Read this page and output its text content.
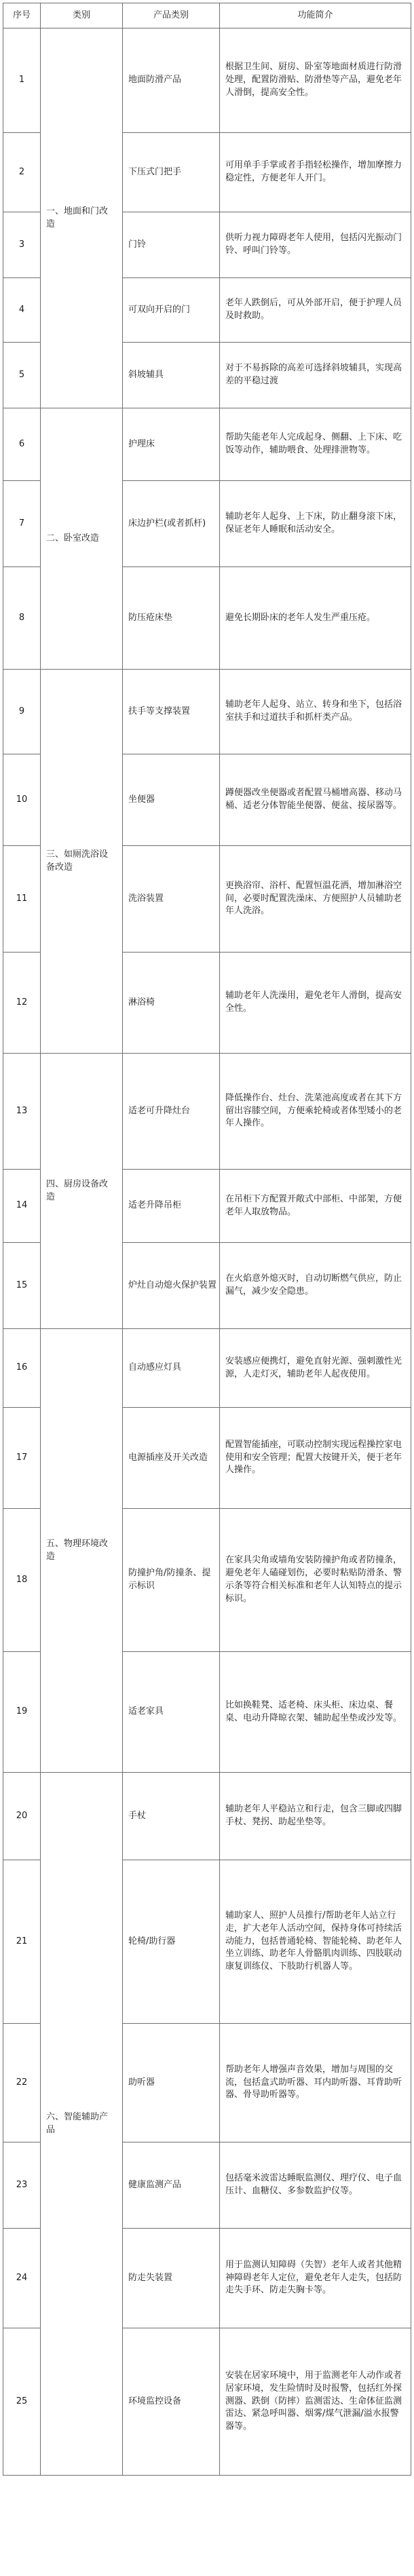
序号	类别	产品类别	功能简介
1	一、地面和门改造	地面防滑产品	根据卫生间、厨房、卧室等地面材质进行防滑处理，配置防滑贴、防滑垫等产品，避免老年人滑倒，提高安全性。
2		下压式门把手	可用单手手掌或者手指轻松操作，增加摩擦力稳定性，方便老年人开门。
3		门铃	供听力视力障碍老年人使用，包括闪光振动门铃、呼叫门铃等。
4		可双向开启的门	老年人跌倒后，可从外部开启，便于护理人员及时救助。
5		斜坡辅具	对于不易拆除的高差可选择斜坡辅具，实现高差的平稳过渡
6	二、卧室改造	护理床	帮助失能老年人完成起身、侧翻、上下床、吃饭等动作，辅助喂食、处理排泄物等。
7		床边护栏(或者抓杆)	辅助老年人起身、上下床，防止翻身滚下床，保证老年人睡眠和活动安全。
8		防压疮床垫	避免长期卧床的老年人发生严重压疮。
9	三、如厕洗浴设备改造	扶手等支撑装置	辅助老年人起身、站立、转身和坐下，包括浴室扶手和过道扶手和抓杆类产品。
10		坐便器	蹲便器改坐便器或者配置马桶增高器、移动马桶、适老分体智能坐便器、便盆、接尿器等。
11		洗浴装置	更换浴帘、浴杆、配置恒温花洒，增加淋浴空间，必要时配置洗澡床、方便照护人员辅助老年人洗浴。
12		淋浴椅	辅助老年人洗澡用，避免老年人滑倒，提高安全性。
13	四、厨房设备改造	适老可升降灶台	降低操作台、灶台、洗菜池高度或者在其下方留出容膝空间，方便乘轮椅或者体型矮小的老年人操作。
14		适老升降吊柜	在吊柜下方配置开敞式中部柜、中部架，方便老年人取放物品。
15		炉灶自动熄火保护装置	在火焰意外熄灭时，自动切断燃气供应，防止漏气，减少安全隐患。
16	五、物理环境改造	自动感应灯具	安装感应便携灯，避免直射光源、强刺激性光源，人走灯灭，辅助老年人起夜使用。
17		电源插座及开关改造	配置智能插座，可联动控制实现远程操控家电使用和安全管理；配置大按键开关，便于老年人操作。
18		防撞护角/防撞条、提示标识	在家具尖角或墙角安装防撞护角或者防撞条，避免老年人磕碰划伤，必要时粘贴防滑条、警示条等符合相关标准和老年人认知特点的提示标识。
19		适老家具	比如换鞋凳、适老椅、床头柜、床边桌、餐桌、电动升降晾衣架、辅助起坐垫或沙发等。
20	六、智能辅助产品	手杖	辅助老年人平稳站立和行走，包含三脚或四脚手杖、凳拐、助起坐垫等。
21		轮椅/助行器	辅助家人、照护人员推行/帮助老年人站立行走，扩大老年人活动空间，保持身体可持续活动能力，包括普通轮椅、智能轮椅、助老年人坐立训练、助老年人骨骼肌肉训练、四肢联动康复训练仪、下肢助行机器人等。
22		助听器	帮助老年人增强声音效果，增加与周围的交流，包括盒式助听器、耳内助听器、耳背助听器、骨导助听器等。
23		健康监测产品	包括毫米波雷达睡眠监测仪、理疗仪、电子血压计、血糖仪、多参数监护仪等。
24		防走失装置	用于监测认知障碍（失智）老年人或者其他精神障碍老年人定位，避免老年人走失，包括防走失手环、防走失胸卡等。
25		环境监控设备	安装在居家环境中，用于监测老年人动作或者居家环境，发生险情时及时报警，包括红外探测器、跌倒（防摔）监测雷达、生命体征监测雷达、紧急呼叫器、烟雾/煤气泄漏/溢水报警器等。
